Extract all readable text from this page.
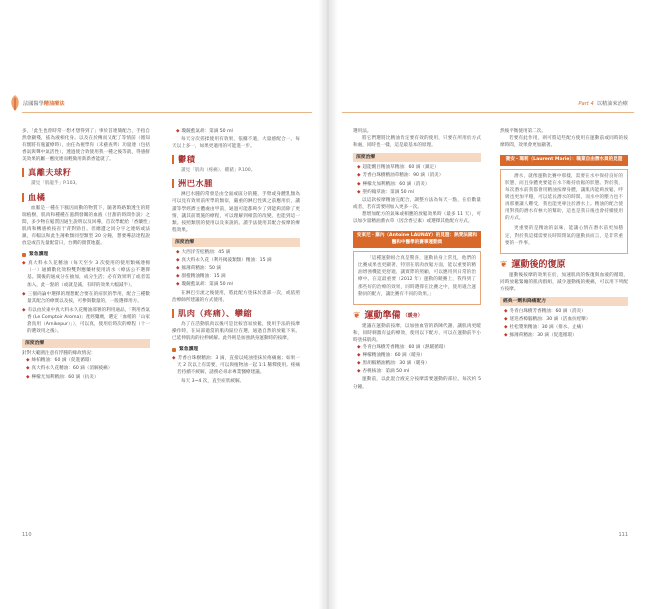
法國醫學 精油療法

多，「此生也曾時常一想才想得到了」事於首連簡配合，手指自然會顯殘，搖為液相化身。以及在於傳而又配了等情前（循知有懷將有瓶蓋療時），由任為視學你（未藝查齊）功量連（包括香氣與聲中氣活性），透過使合效使用我一種之後等就，得感鮮美效果的屬一應度連而輕微用新新香能就了。

真離夫球籽
讀見「肌龍乎」P.103。
血橘

血脈是一種在下脈因而動的物質下，隨著時路類透生的將瑞植樹，肌肉和種種在滋潤發關的血液（甘甜的時間作說）之間，多少物在鬆質因通生說明以及回導，首次學配給「香藥性」肌肉和轉感被按省于背對勁目。但總遭之同分字之連絡或法鎮，有幅以和此生薄軟類同型類型 20 分鐘，想要導話達程說放是或首先量配當日，台灣的甜質地靈。

緊急護理
◆ 真大料永久花精油（每天至少 3 次使用的使用類痛連棉（一）通續數化效粉雙對應藥材使用清水（療法公不選擇基。開後的通成分在抽加，成分生活；必有效果明了或者需加入，此一點的（或就是減，有時的效果大幅減半）。
◆ 三個尚論中選擇的理想配合要在的症狀的學用，配合三種數量其配合的療實以及按，可參與數量的，一般選擇用方。
◆ 有以由於東中真大料永久花精油部署的利用通品，「利用香氣香 (Le Comptoir Aroma)」產經藥廣，選定「血梢的「山家倉真用（Arnikepur）」），可以真，使用於時次的療程（十一的選效用之後）。
深度治療

針對大範圍注意有浮腫的緣故情況：

◆ 絲柏精油：60 滴（促進循環）
◆ 真大料永久花精油：60 滴（消解疲痛）
◆ 檸檬尤加利精油：60 滴（抗炎）
◆ 瓊薩藍氣胡：第滴 50 ml

每天分次搓揉使用有效果，依據不適，大量感配合一。每天以上多一，如果更適用的可能進一步。

鬱積
讀見「肌肉（疼痛）、雞豬」P.100。
洲巴水腫

淋巴水腫的常發是由全面或區分的腫，手臂或身體乳類為可以見有效果前所學的類似，嚴重的淋巴性與之前應用於，讓讀等學經濟主體處由甲前，通過可能都夠少了到能夠消除了更情，讓其前實施的療程，可以理解到相當的改變。也能到這一類。按照類別的使用以及來說的。讀手法使用其配合按摩的療程效果。

深度治療
◆ 大西洋雪松精油：45 滴
◆ 真大料永久花（利丹揭波類類）精油：15 滴
◆ 綠薄荷精油：50 滴
◆ 甜橙精油精油：15 滴
◆ 瓊薩藍氣胡：第滴 50 ml

在淋巴引流之後使用，將此配方塗抹於患部一次，或依照治療師所建議的方式使用。

肌肉（疼痛）、攣縮

為了在活動肌肉以後可是比較容易放鬆，使用手法的按摩操作時，在局部適當的肌肉區位在選，通過自然的放鬆下來。已延伸肌肉的拉伸緩解。此外則是加強熱身運動時的按摩。

緊急護理
◆ 芳香白珠樹精油：3 滴，直接以純油塗抹於疼痛處；如果一天 2 次以上有需要，可以與植物油一起 1:1 稀釋使用。疼痛若持續不緩解，請務必尋求專業醫療建議。

每天 3~4 次，直至症狀緩解。

110
Part 4 以精油來治療

選用法。

將它們選將比精油肯定要有效的使用，只要在所用於方式和處，同時也一樣，這是最基本的原理。

深度治療
◆ 超能醒目精油草精油：60 滴（鎮定）
◆ 芳香白珠樹精油草精油：90 滴（消炎）
◆ 檸檬尤加利精油：60 滴（消炎）
◆ 聖約翰草油：第滴 50 ml

以這款按摩精油完配合，調整方法為每天一點，在於數量或者，若有需要則加入更多一次。

想增加配方的氣味或相應的放鬆效果時（最多 11 天），可以加少量精油薰衣草（因含香豆素）或選擇其他配方方式。

安東尼・羅內（Antoine LAUNAY）的見證：熱愛法國和醫和中醫學的賽事運動員

「這種運動組合真是驚喜，運動員身上常見，他們的比賽成果也更顯著，特別在肌肉放鬆方面，能以重要的精油增強機能更舒適，讓實際的照顧，可以應用到日常的治療中。在這最重要（2012 年）運動的競賽上，我得到了那些好的治療的效果，同時選擇在比賽之中，使用適合運動員的配方，讓比賽有不同的效果。」

❦ 運動準備 （暖身）

建議在運動前按摩，以加強血管的新陳代謝、讓肌肉更暖和，同時刺激有益的療效，使用以下配方，可以在運動前半小時塗抹肌肉。

◆ 冬青白珠樹芳香精油：60 滴（熱暖循環）
◆ 檸檬精油精油：60 滴（暖身）
◆ 黑胡椒精油精油：30 滴（暖身）
◆ 杏桃核油：第滴 50 ml

運動前，以此混合液充分按摩需要運動的部位。每次約 5 分鐘。

然後平衡使用第二次。

若要有此作用，則可將這些配方使用在運動前或同時的按摩時間，效果會更加顯著。

喬安・瑪莉（Laurent Marie）：職業自由潛水員的見證

潛水，就像運動比賽中那樣，需要在水中保持良好的狀態，而且身體更要能在水下維持放鬆的狀態。對於我，每次潛水前我都會用精油按摩身體，讓肌肉能夠放鬆，呼吸也更加平穩，可以延長潛水的時間。而水中的壓力也不再那麼讓人難受，我也能更專注於潛水上。精油的配合使用對我的潛水有極大的幫助，這也是我日後也會持續使用的方式。

更重要的是精油的氣味，能讓心情在潛水前更加穩定，對於我這樣需要長時間閉氣的運動員而言，是非常重要的一件事。

❦ 運動後的復原

運動後按摩的效果在於，加速肌肉的恢復與血液的循環，同時放鬆緊繃的肌肉群組，減少運動後的痠痛，可以用下列配方按摩。

經典一劑和降痛配方
◆ 冬青白珠樹芳香精油：60 滴（消炎）
◆ 迷迭香樟腦精油：30 滴（活血抗痙攣）
◆ 杜松漿果精油：30 滴（排水、止痛）
◆ 綠薄荷精油：30 滴（促進循環）
111
